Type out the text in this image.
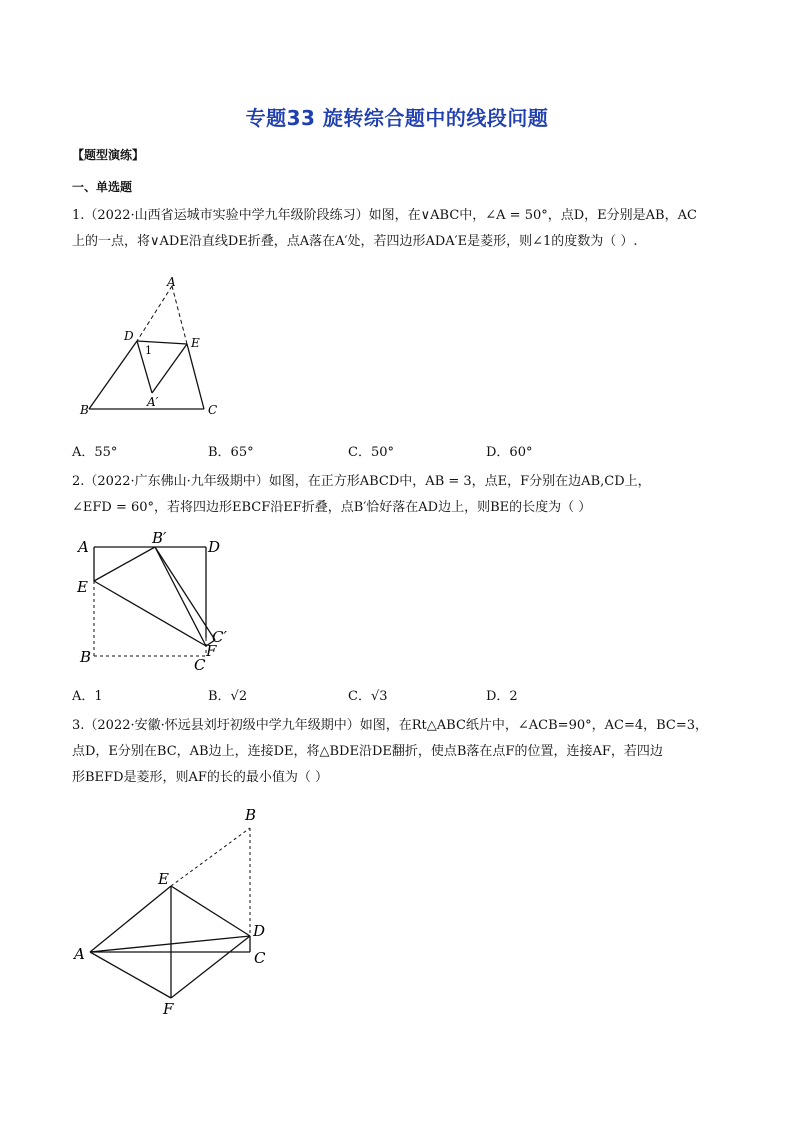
专题33 旋转综合题中的线段问题
【题型演练】
一、单选题
1.（2022·山西省运城市实验中学九年级阶段练习）如图，在∨ABC中，∠A = 50°，点D，E分别是AB，AC
上的一点，将∨ADE沿直线DE折叠，点A落在A′处，若四边形ADA′E是菱形，则∠1的度数为（ ）.
A
D	E
1
A′
B	C
A．55°	B．65°	C．50°	D．60°
2.（2022·广东佛山·九年级期中）如图，在正方形ABCD中，AB = 3，点E，F分别在边AB,CD上，
∠EFD = 60°，若将四边形EBCF沿EF折叠，点B′恰好落在AD边上，则BE的长度为（ ）
A	B′	D
E
C′
F
B	C
A．1	B．√2	C．√3	D．2
3.（2022·安徽·怀远县刘圩初级中学九年级期中）如图，在Rt△ABC纸片中，∠ACB=90°，AC=4，BC=3，
点D，E分别在BC，AB边上，连接DE，将△BDE沿DE翻折，使点B落在点F的位置，连接AF，若四边
形BEFD是菱形，则AF的长的最小值为（ ）
B
E
D
A	C
F
